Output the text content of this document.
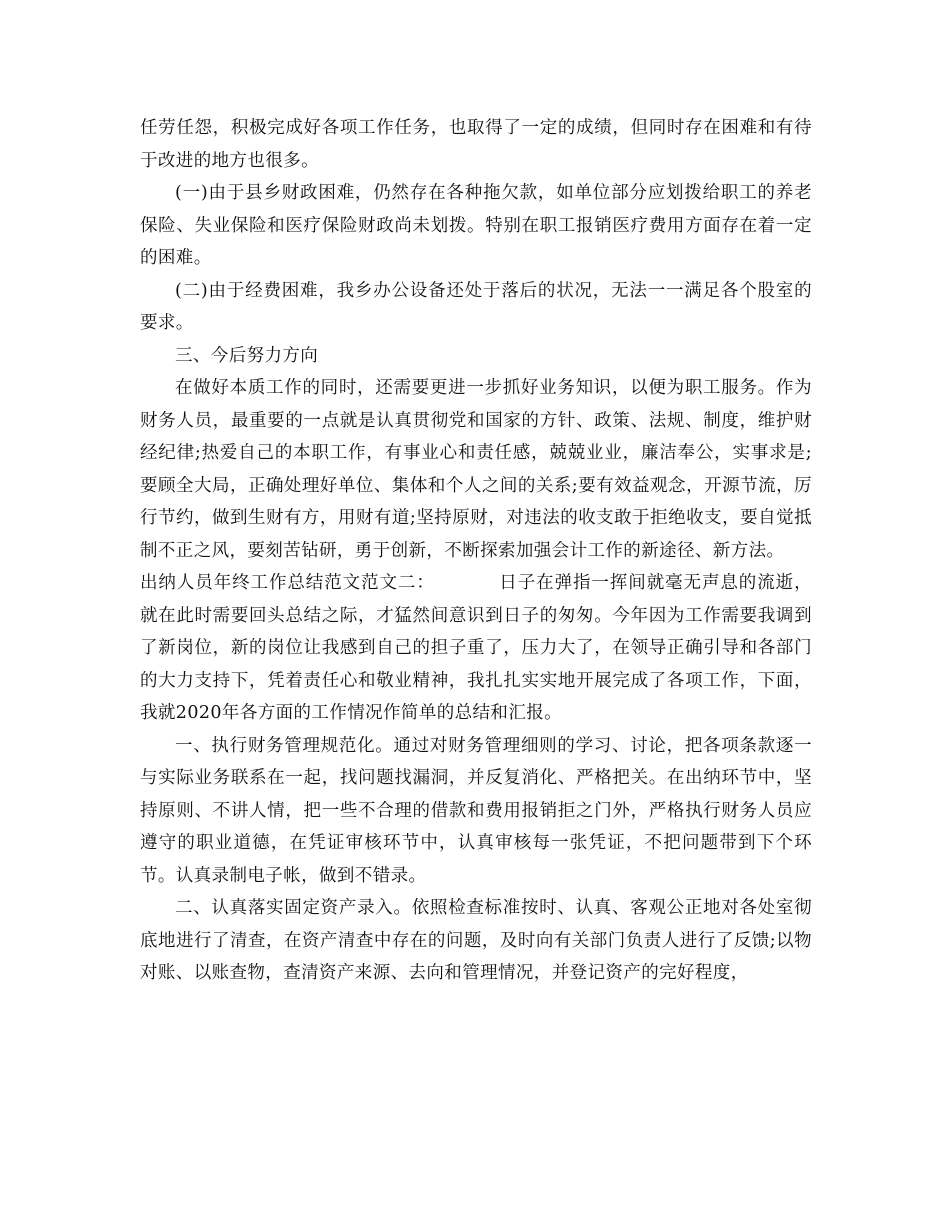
任劳任怨，积极完成好各项工作任务，也取得了一定的成绩，但同时存在困难和有待于改进的地方也很多。

(一)由于县乡财政困难，仍然存在各种拖欠款，如单位部分应划拨给职工的养老保险、失业保险和医疗保险财政尚未划拨。特别在职工报销医疗费用方面存在着一定的困难。

(二)由于经费困难，我乡办公设备还处于落后的状况，无法一一满足各个股室的要求。

三、今后努力方向

在做好本质工作的同时，还需要更进一步抓好业务知识，以便为职工服务。作为财务人员，最重要的一点就是认真贯彻党和国家的方针、政策、法规、制度，维护财经纪律;热爱自己的本职工作，有事业心和责任感，兢兢业业，廉洁奉公，实事求是;要顾全大局，正确处理好单位、集体和个人之间的关系;要有效益观念，开源节流，厉行节约，做到生财有方，用财有道;坚持原财，对违法的收支敢于拒绝收支，要自觉抵制不正之风，要刻苦钻研，勇于创新，不断探索加强会计工作的新途径、新方法。

出纳人员年终工作总结范文范文二：	日子在弹指一挥间就毫无声息的流逝，就在此时需要回头总结之际，才猛然间意识到日子的匆匆。今年因为工作需要我调到了新岗位，新的岗位让我感到自己的担子重了，压力大了，在领导正确引导和各部门的大力支持下，凭着责任心和敬业精神，我扎扎实实地开展完成了各项工作，下面，我就2020年各方面的工作情况作简单的总结和汇报。

一、执行财务管理规范化。通过对财务管理细则的学习、讨论，把各项条款逐一与实际业务联系在一起，找问题找漏洞，并反复消化、严格把关。在出纳环节中，坚持原则、不讲人情，把一些不合理的借款和费用报销拒之门外，严格执行财务人员应遵守的职业道德，在凭证审核环节中，认真审核每一张凭证，不把问题带到下个环节。认真录制电子帐，做到不错录。

二、认真落实固定资产录入。依照检查标准按时、认真、客观公正地对各处室彻底地进行了清查，在资产清查中存在的问题，及时向有关部门负责人进行了反馈;以物对账、以账查物，查清资产来源、去向和管理情况，并登记资产的完好程度，
